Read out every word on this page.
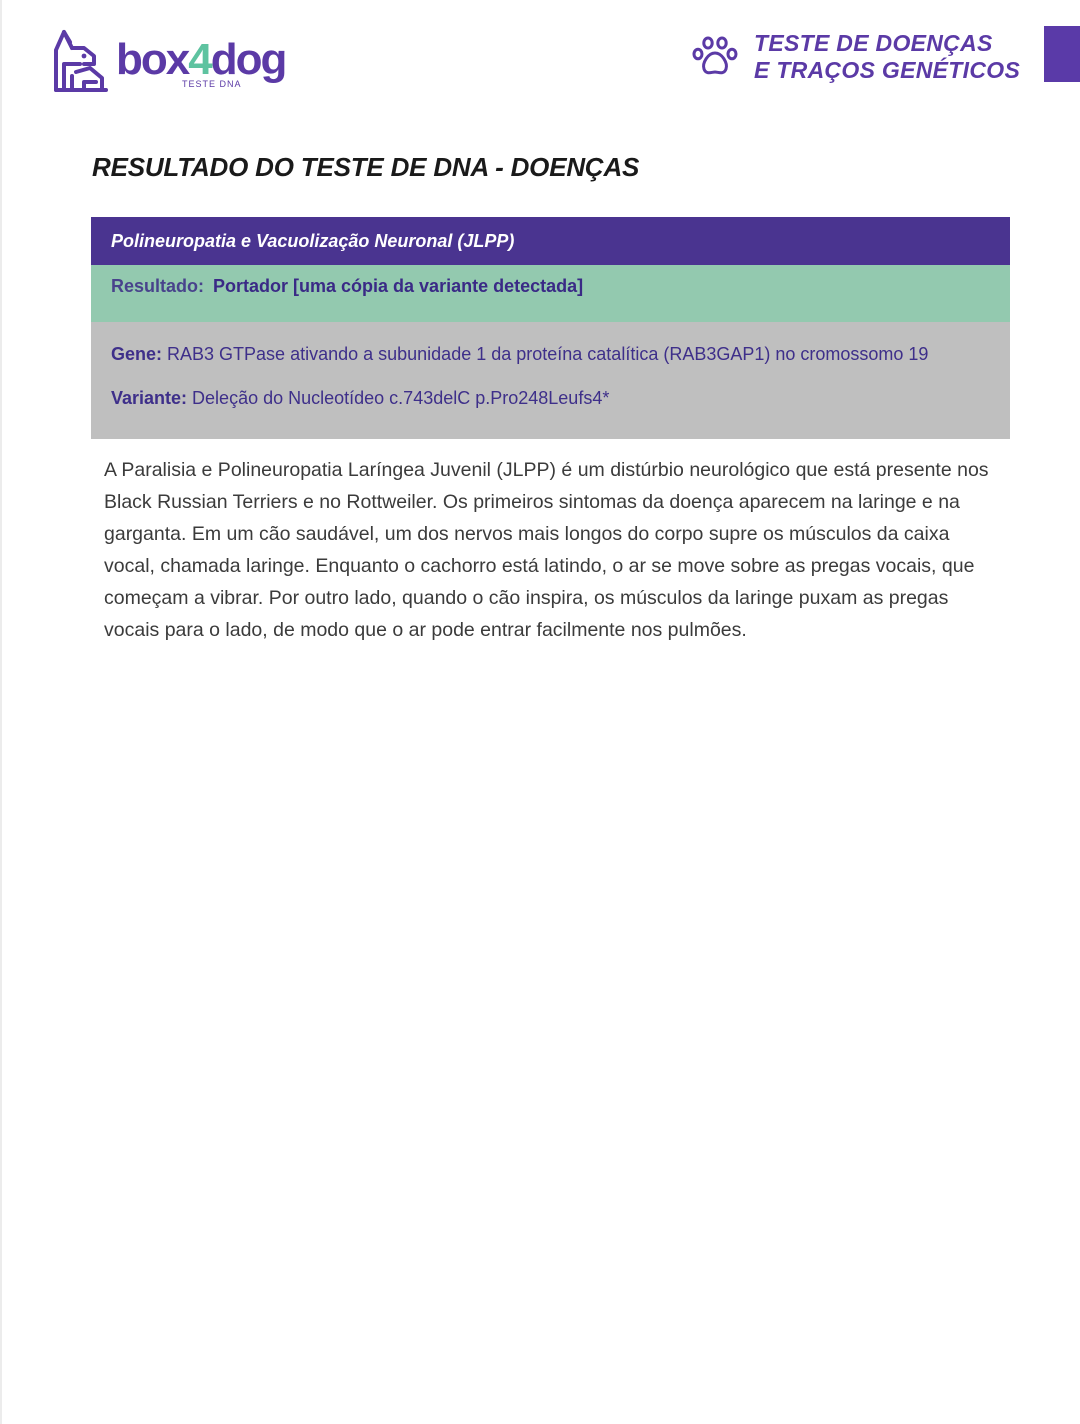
box4dog
TESTE DNA
TESTE DE DOENÇAS
E TRAÇOS GENÉTICOS
RESULTADO DO TESTE DE DNA - DOENÇAS
Polineuropatia e Vacuolização Neuronal (JLPP)
Resultado: Portador [uma cópia da variante detectada]
Gene: RAB3 GTPase ativando a subunidade 1 da proteína catalítica (RAB3GAP1) no cromossomo 19
Variante: Deleção do Nucleotídeo c.743delC p.Pro248Leufs4*

A Paralisia e Polineuropatia Laríngea Juvenil (JLPP) é um distúrbio neurológico que está presente nos Black Russian Terriers e no Rottweiler. Os primeiros sintomas da doença aparecem na laringe e na garganta. Em um cão saudável, um dos nervos mais longos do corpo supre os músculos da caixa vocal, chamada laringe. Enquanto o cachorro está latindo, o ar se move sobre as pregas vocais, que começam a vibrar. Por outro lado, quando o cão inspira, os músculos da laringe puxam as pregas vocais para o lado, de modo que o ar pode entrar facilmente nos pulmões.
